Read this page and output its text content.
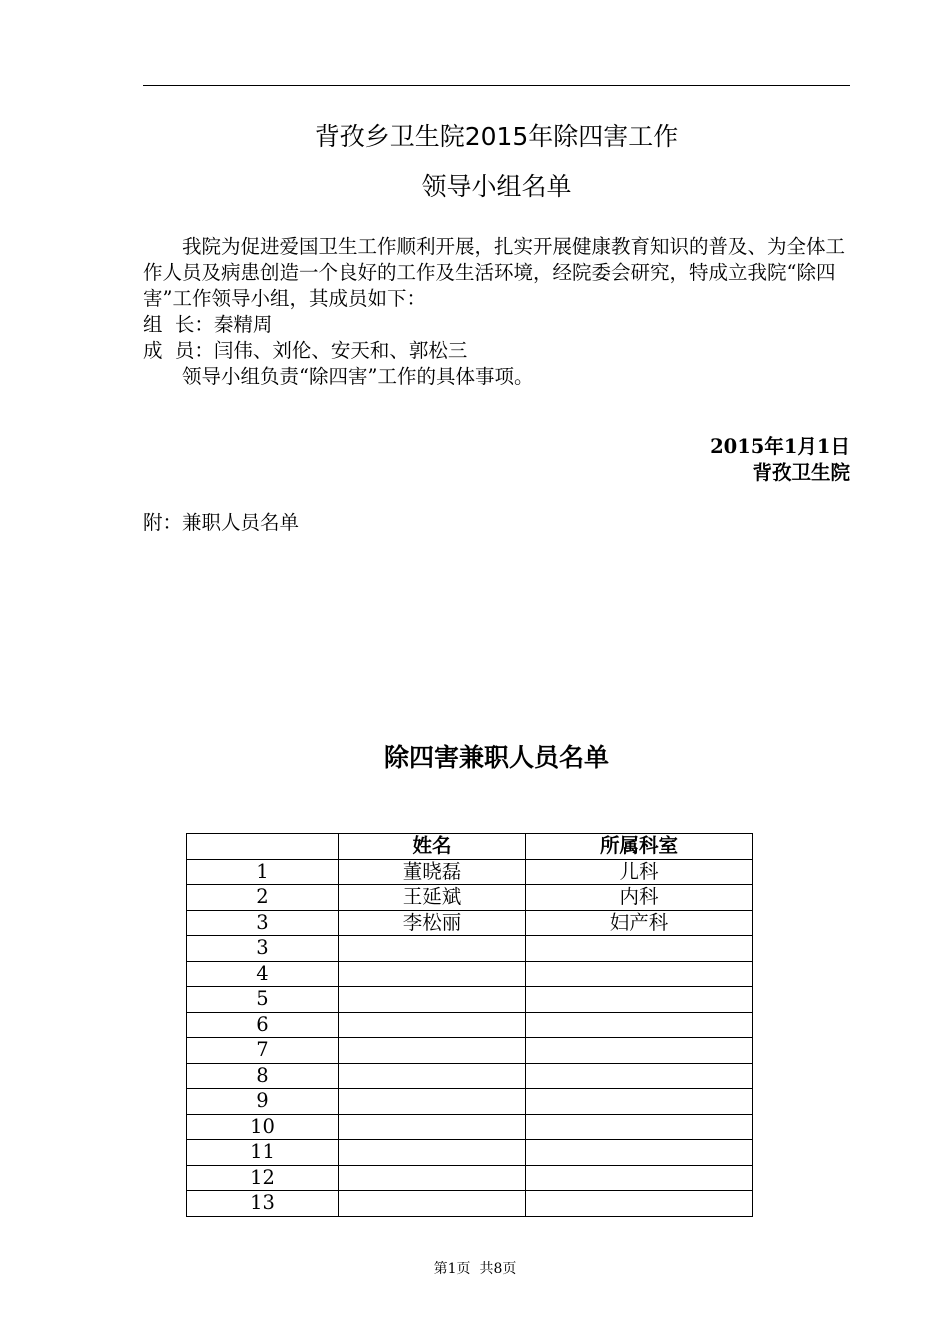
背孜乡卫生院2015年除四害工作
领导小组名单

我院为促进爱国卫生工作顺利开展，扎实开展健康教育知识的普及、为全体工作人员及病患创造一个良好的工作及生活环境，经院委会研究，特成立我院“除四害”工作领导小组，其成员如下：

组  长：秦精周

成  员：闫伟、刘伦、安天和、郭松三

领导小组负责“除四害”工作的具体事项。

2015年1月1日
背孜卫生院
附：兼职人员名单
除四害兼职人员名单
	姓名	所属科室
1	董晓磊	儿科
2	王延斌	内科
3	李松丽	妇产科
3		
4		
5		
6		
7		
8		
9		
10		
11		
12		
13		
第1页  共8页
